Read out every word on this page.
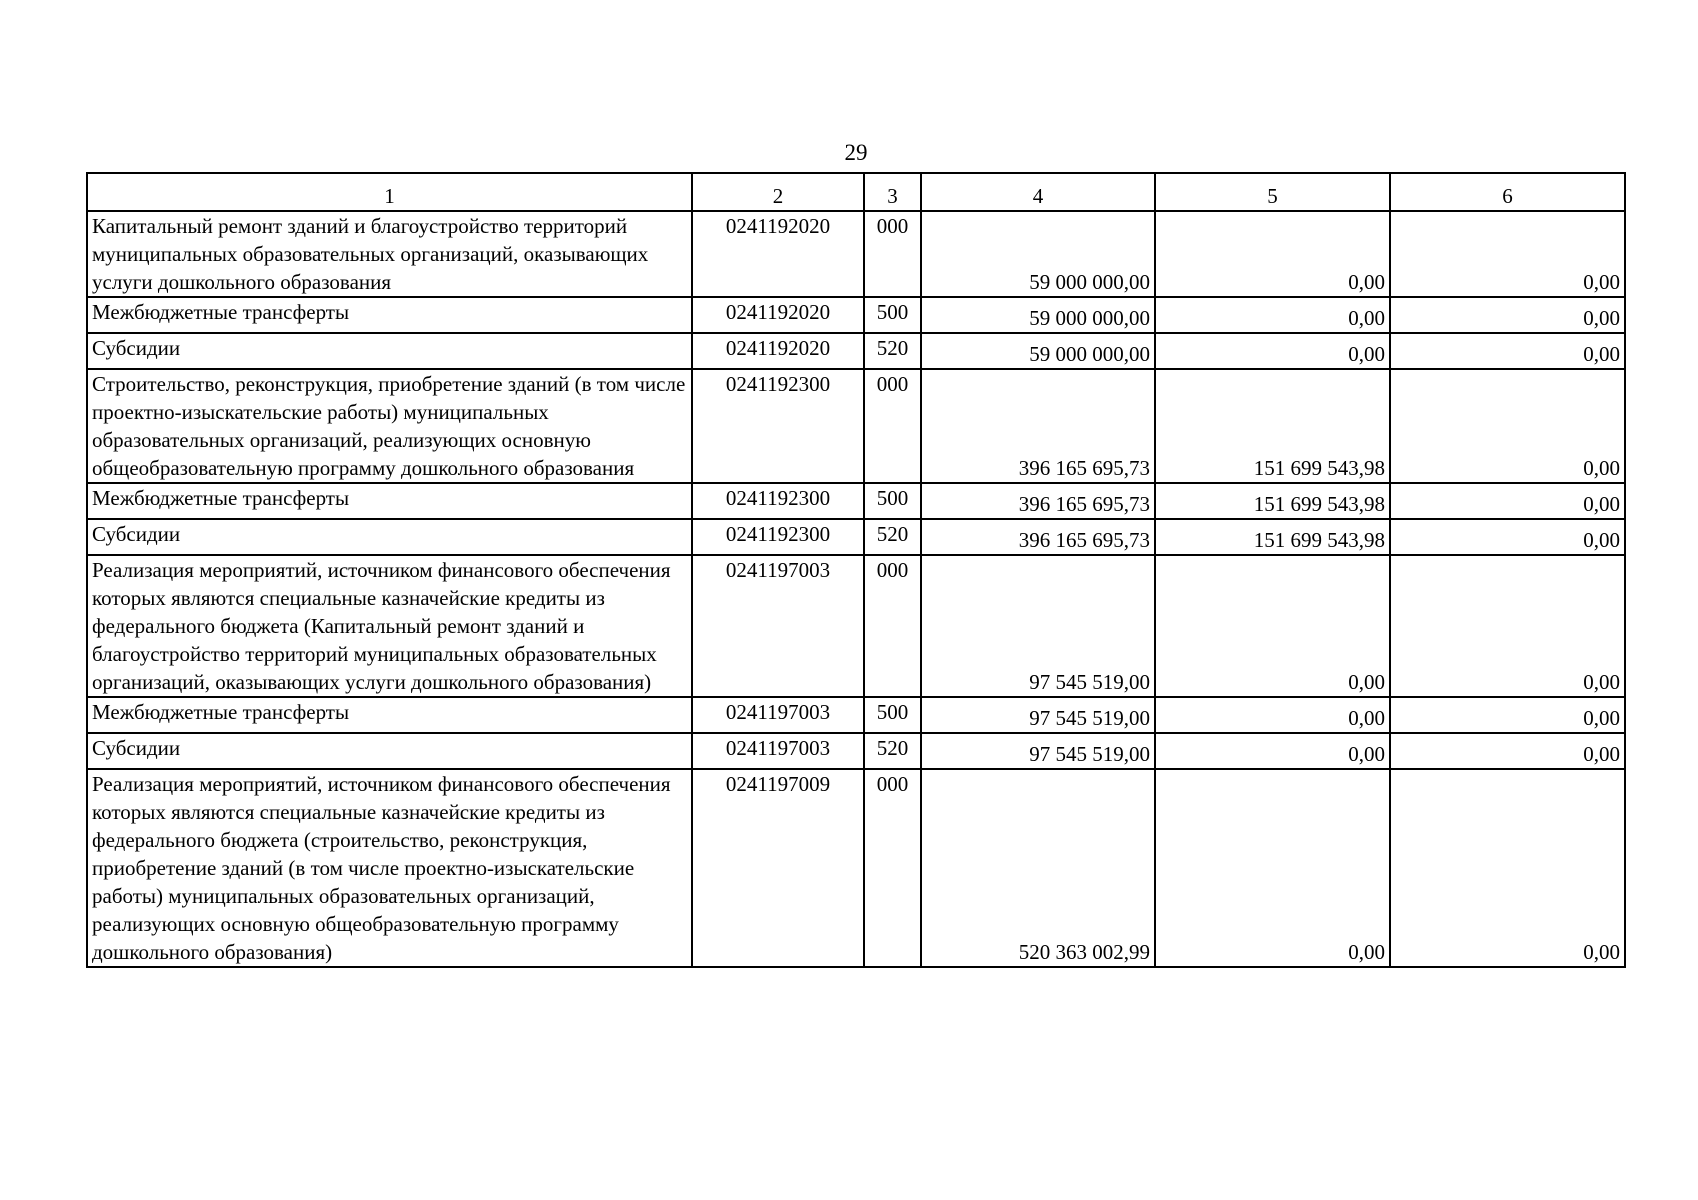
29
1	2	3	4	5	6
Капитальный ремонт зданий и благоустройство территорий муниципальных образовательных организаций, оказывающих услуги дошкольного образования	0241192020	000	59 000 000,00	0,00	0,00
Межбюджетные трансферты	0241192020	500	59 000 000,00	0,00	0,00
Субсидии	0241192020	520	59 000 000,00	0,00	0,00
Строительство, реконструкция, приобретение зданий (в том числе проектно-изыскательские работы) муниципальных образовательных организаций, реализующих основную общеобразовательную программу дошкольного образования	0241192300	000	396 165 695,73	151 699 543,98	0,00
Межбюджетные трансферты	0241192300	500	396 165 695,73	151 699 543,98	0,00
Субсидии	0241192300	520	396 165 695,73	151 699 543,98	0,00
Реализация мероприятий, источником финансового обеспечения которых являются специальные казначейские кредиты из федерального бюджета (Капитальный ремонт зданий и благоустройство территорий муниципальных образовательных организаций, оказывающих услуги дошкольного образования)	0241197003	000	97 545 519,00	0,00	0,00
Межбюджетные трансферты	0241197003	500	97 545 519,00	0,00	0,00
Субсидии	0241197003	520	97 545 519,00	0,00	0,00
Реализация мероприятий, источником финансового обеспечения которых являются специальные казначейские кредиты из федерального бюджета (строительство, реконструкция, приобретение зданий (в том числе проектно-изыскательские работы) муниципальных образовательных организаций, реализующих основную общеобразовательную программу дошкольного образования)	0241197009	000	520 363 002,99	0,00	0,00
